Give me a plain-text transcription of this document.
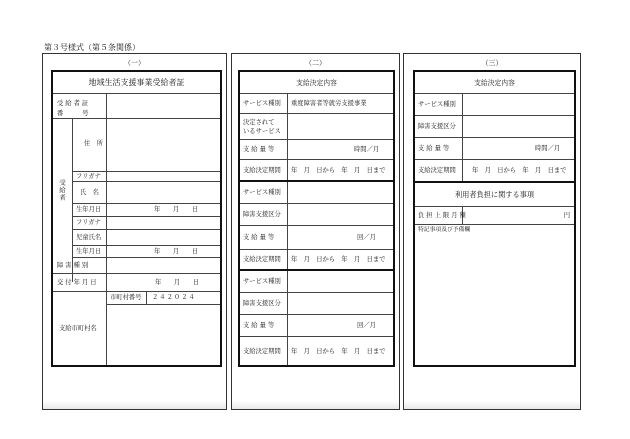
第３号様式（第５条関係）
（一）
地域生活支援事業受給者証
受 給 者 証
番　　　号
受給者
住　所
フリガナ
氏　名
生年月日	年　　月　　日
フリガナ
児童氏名
生年月日	年　　月　　日
障 害 種 別
交 付 年 月 日	年　　月　　日
市町村番号 ２４２０２４
支給市町村名
（二）
支給決定内容
サービス種別 重度障害者等就労支援事業
決定されて
いるサービス
支 給 量 等	時間／月
支給決定期間 年　月　日から　年　月　日まで
サービス種別
障害支援区分
支 給 量 等	回／月
支給決定期間 年　月　日から　年　月　日まで
サービス種別
障害支援区分
支 給 量 等	回／月
支給決定期間 年　月　日から　年　月　日まで
（三）
支給決定内容
サービス種別
障害支援区分
支 給 量 等	時間／月
支給決定期間	年　月　日から　年　月　日まで
利用者負担に関する事項
負 担 上 限 月 額	円
特記事項及び予備欄
